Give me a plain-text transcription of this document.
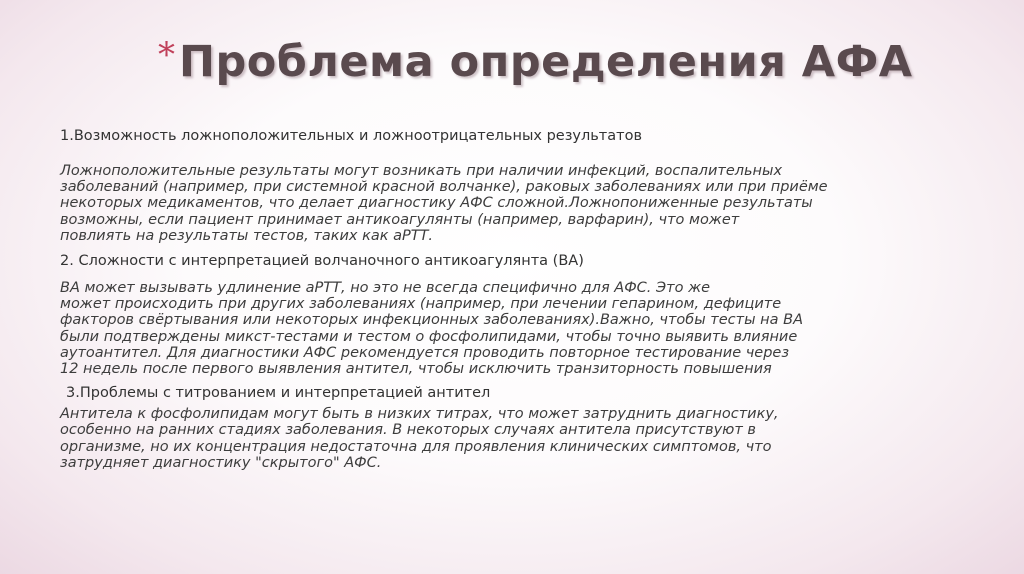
* Проблема определения АФА
1.Возможность ложноположительных и ложноотрицательных результатов
Ложноположительные результаты могут возникать при наличии инфекций, воспалительных
заболеваний (например, при системной красной волчанке), раковых заболеваниях или при приёме
некоторых медикаментов, что делает диагностику АФС сложной.Ложнопониженные результаты
возможны, если пациент принимает антикоагулянты (например, варфарин), что может
повлиять на результаты тестов, таких как аРТТ.
2. Сложности с интерпретацией волчаночного антикоагулянта (ВА)
ВА может вызывать удлинение аРТТ, но это не всегда специфично для АФС. Это же
может происходить при других заболеваниях (например, при лечении гепарином, дефиците
факторов свёртывания или некоторых инфекционных заболеваниях).Важно, чтобы тесты на ВА
были подтверждены микст-тестами и тестом о фосфолипидами, чтобы точно выявить влияние
аутоантител. Для диагностики АФС рекомендуется проводить повторное тестирование через
12 недель после первого выявления антител, чтобы исключить транзиторность повышения
3.Проблемы с титрованием и интерпретацией антител
Антитела к фосфолипидам могут быть в низких титрах, что может затруднить диагностику,
особенно на ранних стадиях заболевания. В некоторых случаях антитела присутствуют в
организме, но их концентрация недостаточна для проявления клинических симптомов, что
затрудняет диагностику "скрытого" АФС.
